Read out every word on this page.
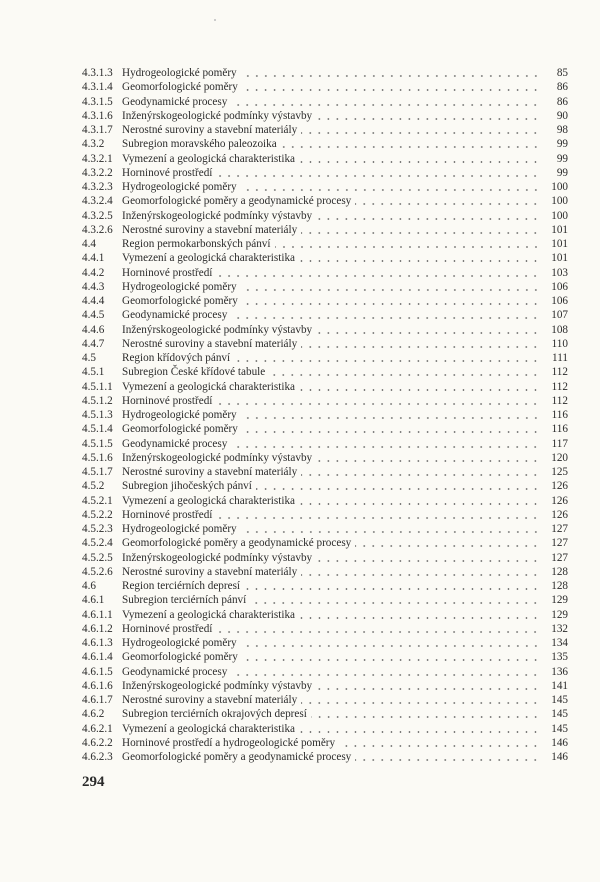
4.3.1.3 Hydrogeologické poměry	85
4.3.1.4 Geomorfologické poměry	86
4.3.1.5 Geodynamické procesy	86
4.3.1.6 Inženýrskogeologické podmínky výstavby	90
4.3.1.7 Nerostné suroviny a stavební materiály	98
4.3.2	Subregion moravského paleozoika	99
4.3.2.1 Vymezení a geologická charakteristika	99
4.3.2.2 Horninové prostředí	99
4.3.2.3 Hydrogeologické poměry	100
4.3.2.4 Geomorfologické poměry a geodynamické procesy	100
4.3.2.5 Inženýrskogeologické podmínky výstavby	100
4.3.2.6 Nerostné suroviny a stavební materiály	101
4.4	Region permokarbonských pánví	101
4.4.1	Vymezení a geologická charakteristika	101
4.4.2	Horninové prostředí	103
4.4.3	Hydrogeologické poměry	106
4.4.4	Geomorfologické poměry	106
4.4.5	Geodynamické procesy	107
4.4.6	Inženýrskogeologické podmínky výstavby	108
4.4.7	Nerostné suroviny a stavební materiály	110
4.5	Region křídových pánví	111
4.5.1	Subregion České křídové tabule	112
4.5.1.1 Vymezení a geologická charakteristika	112
4.5.1.2 Horninové prostředí	112
4.5.1.3 Hydrogeologické poměry	116
4.5.1.4 Geomorfologické poměry	116
4.5.1.5 Geodynamické procesy	117
4.5.1.6 Inženýrskogeologické podmínky výstavby	120
4.5.1.7 Nerostné suroviny a stavební materiály	125
4.5.2	Subregion jihočeských pánví	126
4.5.2.1 Vymezení a geologická charakteristika	126
4.5.2.2 Horninové prostředí	126
4.5.2.3 Hydrogeologické poměry	127
4.5.2.4 Geomorfologické poměry a geodynamické procesy	127
4.5.2.5 Inženýrskogeologické podmínky výstavby	127
4.5.2.6 Nerostné suroviny a stavební materiály	128
4.6	Region terciérních depresí	128
4.6.1	Subregion terciérních pánví	129
4.6.1.1 Vymezení a geologická charakteristika	129
4.6.1.2 Horninové prostředí	132
4.6.1.3 Hydrogeologické poměry	134
4.6.1.4 Geomorfologické poměry	135
4.6.1.5 Geodynamické procesy	136
4.6.1.6 Inženýrskogeologické podmínky výstavby	141
4.6.1.7 Nerostné suroviny a stavební materiály	145
4.6.2	Subregion terciérních okrajových depresí	145
4.6.2.1 Vymezení a geologická charakteristika	145
4.6.2.2 Horninové prostředí a hydrogeologické poměry	146
4.6.2.3 Geomorfologické poměry a geodynamické procesy	146
294
